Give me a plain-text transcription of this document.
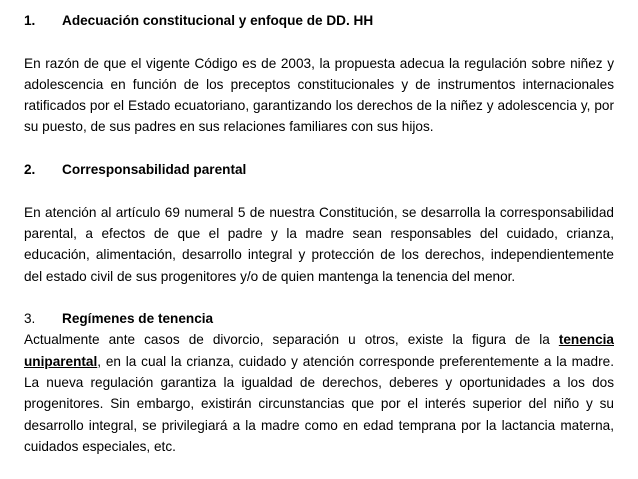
1.	Adecuación constitucional y enfoque de DD. HH

En razón de que el vigente Código es de 2003, la propuesta adecua la regulación sobre niñez y adolescencia en función de los preceptos constitucionales y de instrumentos internacionales ratificados por el Estado ecuatoriano, garantizando los derechos de la niñez y adolescencia y, por su puesto, de sus padres en sus relaciones familiares con sus hijos.

2.	Corresponsabilidad parental

En atención al artículo 69 numeral 5 de nuestra Constitución, se desarrolla la corresponsabilidad parental, a efectos de que el padre y la madre sean responsables del cuidado, crianza, educación, alimentación, desarrollo integral y protección de los derechos, independientemente del estado civil de sus progenitores y/o de quien mantenga la tenencia del menor.

3.	Regímenes de tenencia

Actualmente ante casos de divorcio, separación u otros, existe la figura de la tenencia uniparental, en la cual la crianza, cuidado y atención corresponde preferentemente a la madre. La nueva regulación garantiza la igualdad de derechos, deberes y oportunidades a los dos progenitores. Sin embargo, existirán circunstancias que por el interés superior del niño y su desarrollo integral, se privilegiará a la madre como en edad temprana por la lactancia materna, cuidados especiales, etc.
